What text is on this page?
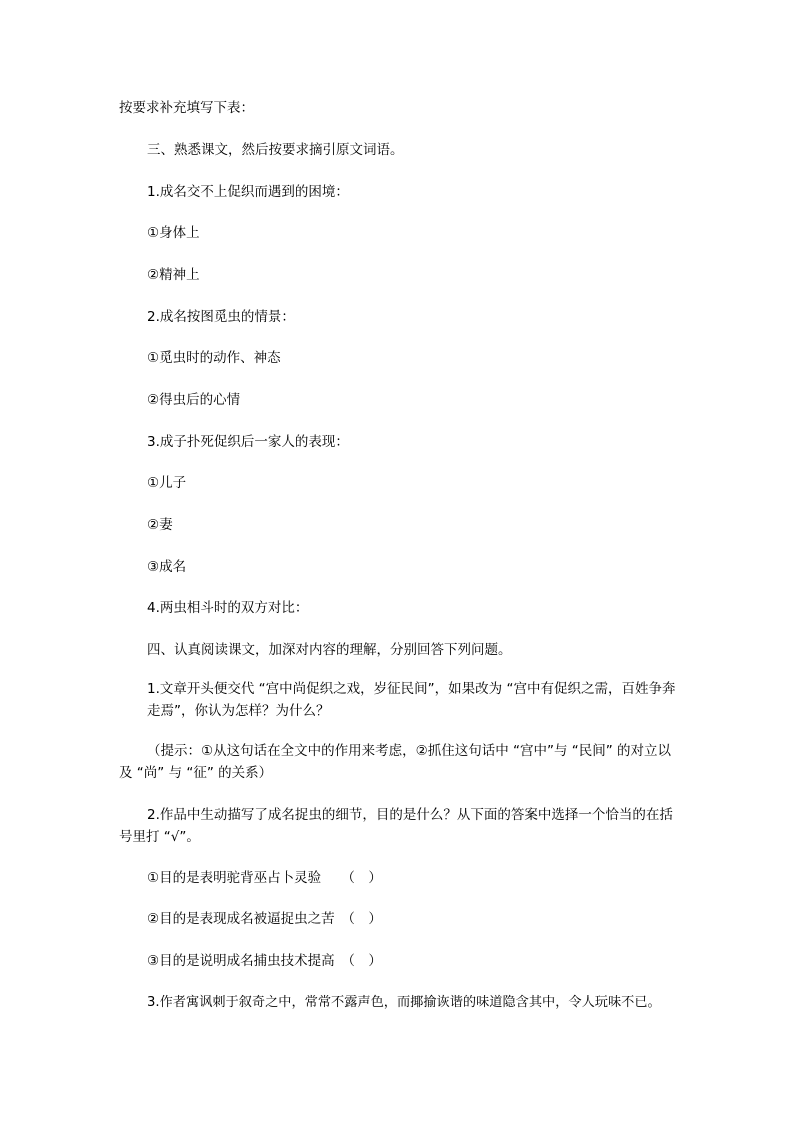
按要求补充填写下表：
三、熟悉课文，然后按要求摘引原文词语。
1.成名交不上促织而遇到的困境：
①身体上
②精神上
2.成名按图觅虫的情景：
①觅虫时的动作、神态
②得虫后的心情
3.成子扑死促织后一家人的表现：
①儿子
②妻
③成名
4.两虫相斗时的双方对比：
四、认真阅读课文，加深对内容的理解，分别回答下列问题。
1.文章开头便交代 “宫中尚促织之戏，岁征民间”，如果改为 “宫中有促织之需，百姓争奔走焉”，你认为怎样？为什么？
（提示：①从这句话在全文中的作用来考虑，②抓住这句话中 “宫中”与 “民间” 的对立以及 “尚” 与 “征” 的关系）
2.作品中生动描写了成名捉虫的细节，目的是什么？从下面的答案中选择一个恰当的在括号里打 “√”。
①目的是表明驼背巫占卜灵验　　（　）
②目的是表现成名被逼捉虫之苦　（　）
③目的是说明成名捕虫技术提高　（　）
3.作者寓讽刺于叙奇之中，常常不露声色，而揶揄诙谐的味道隐含其中，令人玩味不已。
